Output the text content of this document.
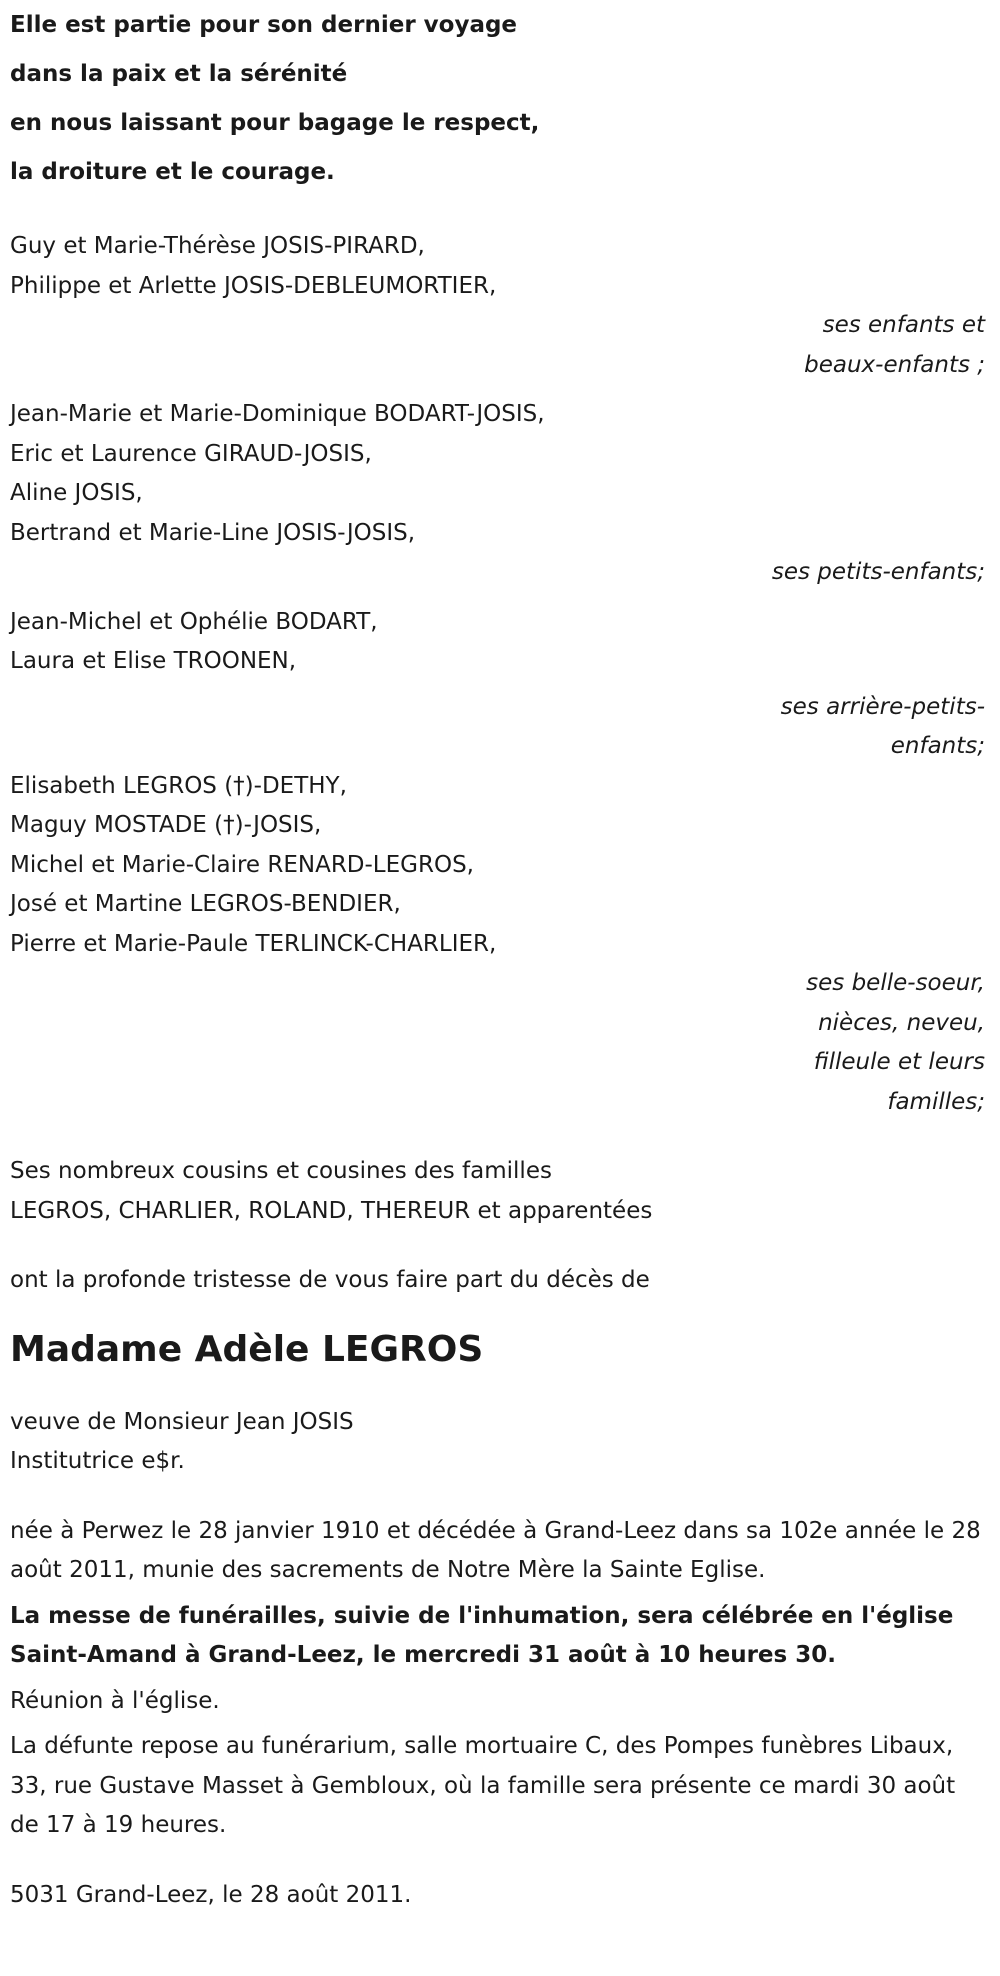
Elle est partie pour son dernier voyage

dans la paix et la sérénité

en nous laissant pour bagage le respect,

la droiture et le courage.

Guy et Marie-Thérèse JOSIS-PIRARD,

Philippe et Arlette JOSIS-DEBLEUMORTIER,

ses enfants et
beaux-enfants ;

Jean-Marie et Marie-Dominique BODART-JOSIS,

Eric et Laurence GIRAUD-JOSIS,

Aline JOSIS,

Bertrand et Marie-Line JOSIS-JOSIS,

ses petits-enfants;

Jean-Michel et Ophélie BODART,

Laura et Elise TROONEN,

ses arrière-petits-
enfants;

Elisabeth LEGROS (†)-DETHY,

Maguy MOSTADE (†)-JOSIS,

Michel et Marie-Claire RENARD-LEGROS,

José et Martine LEGROS-BENDIER,

Pierre et Marie-Paule TERLINCK-CHARLIER,

ses belle-soeur,
nièces, neveu,
filleule et leurs
familles;

Ses nombreux cousins et cousines des familles

LEGROS, CHARLIER, ROLAND, THEREUR et apparentées

ont la profonde tristesse de vous faire part du décès de

Madame Adèle LEGROS

veuve de Monsieur Jean JOSIS

Institutrice e$r.

née à Perwez le 28 janvier 1910 et décédée à Grand-Leez dans sa 102e année le 28 août 2011, munie des sacrements de Notre Mère la Sainte Eglise.

La messe de funérailles, suivie de l'inhumation, sera célébrée en l'église Saint-Amand à Grand-Leez, le mercredi 31 août à 10 heures 30.

Réunion à l'église.

La défunte repose au funérarium, salle mortuaire C, des Pompes funèbres Libaux, 33, rue Gustave Masset à Gembloux, où la famille sera présente ce mardi 30 août de 17 à 19 heures.

5031 Grand-Leez, le 28 août 2011.
